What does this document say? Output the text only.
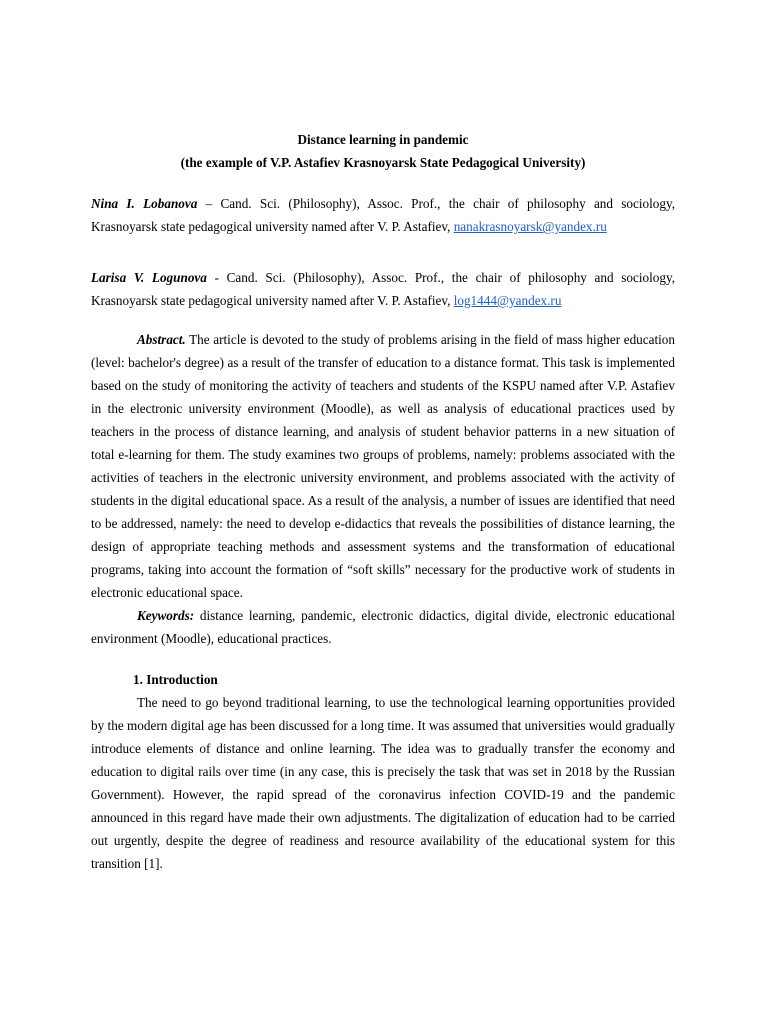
Distance learning in pandemic

(the example of V.P. Astafiev Krasnoyarsk State Pedagogical University)

Nina I. Lobanova – Cand. Sci. (Philosophy), Assoc. Prof., the chair of philosophy and sociology, Krasnoyarsk state pedagogical university named after V. P. Astafiev, nanakrasnoyarsk@yandex.ru

Larisa V. Logunova - Cand. Sci. (Philosophy), Assoc. Prof., the chair of philosophy and sociology, Krasnoyarsk state pedagogical university named after V. P. Astafiev, log1444@yandex.ru

Abstract. The article is devoted to the study of problems arising in the field of mass higher education (level: bachelor's degree) as a result of the transfer of education to a distance format. This task is implemented based on the study of monitoring the activity of teachers and students of the KSPU named after V.P. Astafiev in the electronic university environment (Moodle), as well as analysis of educational practices used by teachers in the process of distance learning, and analysis of student behavior patterns in a new situation of total e-learning for them. The study examines two groups of problems, namely: problems associated with the activities of teachers in the electronic university environment, and problems associated with the activity of students in the digital educational space. As a result of the analysis, a number of issues are identified that need to be addressed, namely: the need to develop e-didactics that reveals the possibilities of distance learning, the design of appropriate teaching methods and assessment systems and the transformation of educational programs, taking into account the formation of “soft skills” necessary for the productive work of students in electronic educational space.

Keywords: distance learning, pandemic, electronic didactics, digital divide, electronic educational environment (Moodle), educational practices.

1. Introduction

The need to go beyond traditional learning, to use the technological learning opportunities provided by the modern digital age has been discussed for a long time. It was assumed that universities would gradually introduce elements of distance and online learning. The idea was to gradually transfer the economy and education to digital rails over time (in any case, this is precisely the task that was set in 2018 by the Russian Government). However, the rapid spread of the coronavirus infection COVID-19 and the pandemic announced in this regard have made their own adjustments. The digitalization of education had to be carried out urgently, despite the degree of readiness and resource availability of the educational system for this transition [1].
